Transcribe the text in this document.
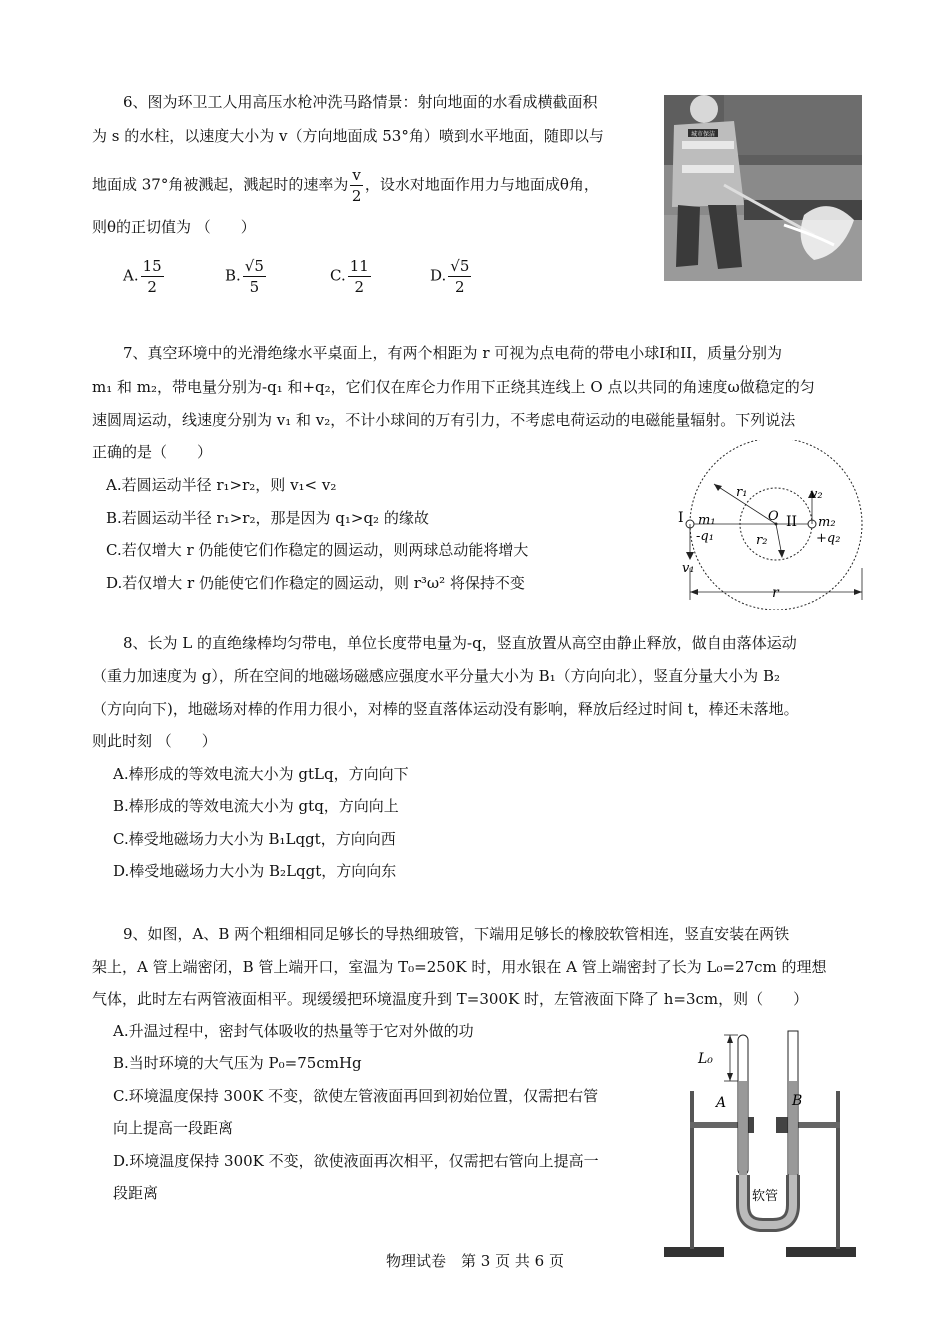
6、图为环卫工人用高压水枪冲洗马路情景：射向地面的水看成横截面积
为 s 的水柱，以速度大小为 v（方向地面成 53°角）喷到水平地面，随即以与
地面成 37°角被溅起，溅起时的速率为 $\frac{v}{2}$ ，设水对地面作用力与地面成θ角，
则θ的正切值为 （　　）
A. $\frac{15}{2}$	B. $\frac{√5}{5}$	C. $\frac{11}{2}$	D. $\frac{√5}{2}$
城市保洁
7、真空环境中的光滑绝缘水平桌面上，有两个相距为 r 可视为点电荷的带电小球I和II，质量分别为
m₁ 和 m₂，带电量分别为-q₁ 和+q₂，它们仅在库仑力作用下正绕其连线上 O 点以共同的角速度ω做稳定的匀
速圆周运动，线速度分别为 v₁ 和 v₂，不计小球间的万有引力，不考虑电荷运动的电磁能量辐射。下列说法
正确的是（　　）
A.若圆运动半径 r₁>r₂，则 v₁< v₂
B.若圆运动半径 r₁>r₂，那是因为 q₁>q₂ 的缘故
C.若仅增大 r 仍能使它们作稳定的圆运动，则两球总动能将增大
D.若仅增大 r 仍能使它们作稳定的圆运动，则 r³ω² 将保持不变
I m₁
-q₁
II m₂
+q₂
O
r₁
r₂
v₁
v₂
r
8、长为 L 的直绝缘棒均匀带电，单位长度带电量为-q，竖直放置从高空由静止释放，做自由落体运动
（重力加速度为 g），所在空间的地磁场磁感应强度水平分量大小为 B₁（方向向北），竖直分量大小为 B₂
（方向向下)，地磁场对棒的作用力很小，对棒的竖直落体运动没有影响，释放后经过时间 t，棒还未落地。
则此时刻 （　　）
A.棒形成的等效电流大小为 gtLq，方向向下
B.棒形成的等效电流大小为 gtq，方向向上
C.棒受地磁场力大小为 B₁Lqgt，方向向西
D.棒受地磁场力大小为 B₂Lqgt，方向向东
9、如图，A、B 两个粗细相同足够长的导热细玻管，下端用足够长的橡胶软管相连，竖直安装在两铁
架上，A 管上端密闭，B 管上端开口，室温为 T₀=250K 时，用水银在 A 管上端密封了长为 L₀=27cm 的理想
气体，此时左右两管液面相平。现缓缓把环境温度升到 T=300K 时，左管液面下降了 h=3cm，则（　　）
A.升温过程中，密封气体吸收的热量等于它对外做的功
B.当时环境的大气压为 P₀=75cmHg
C.环境温度保持 300K 不变，欲使左管液面再回到初始位置，仅需把右管
向上提高一段距离
D.环境温度保持 300K 不变，欲使液面再次相平，仅需把右管向上提高一
段距离
L₀
A	B
软管
物理试卷　第 3 页 共 6 页
